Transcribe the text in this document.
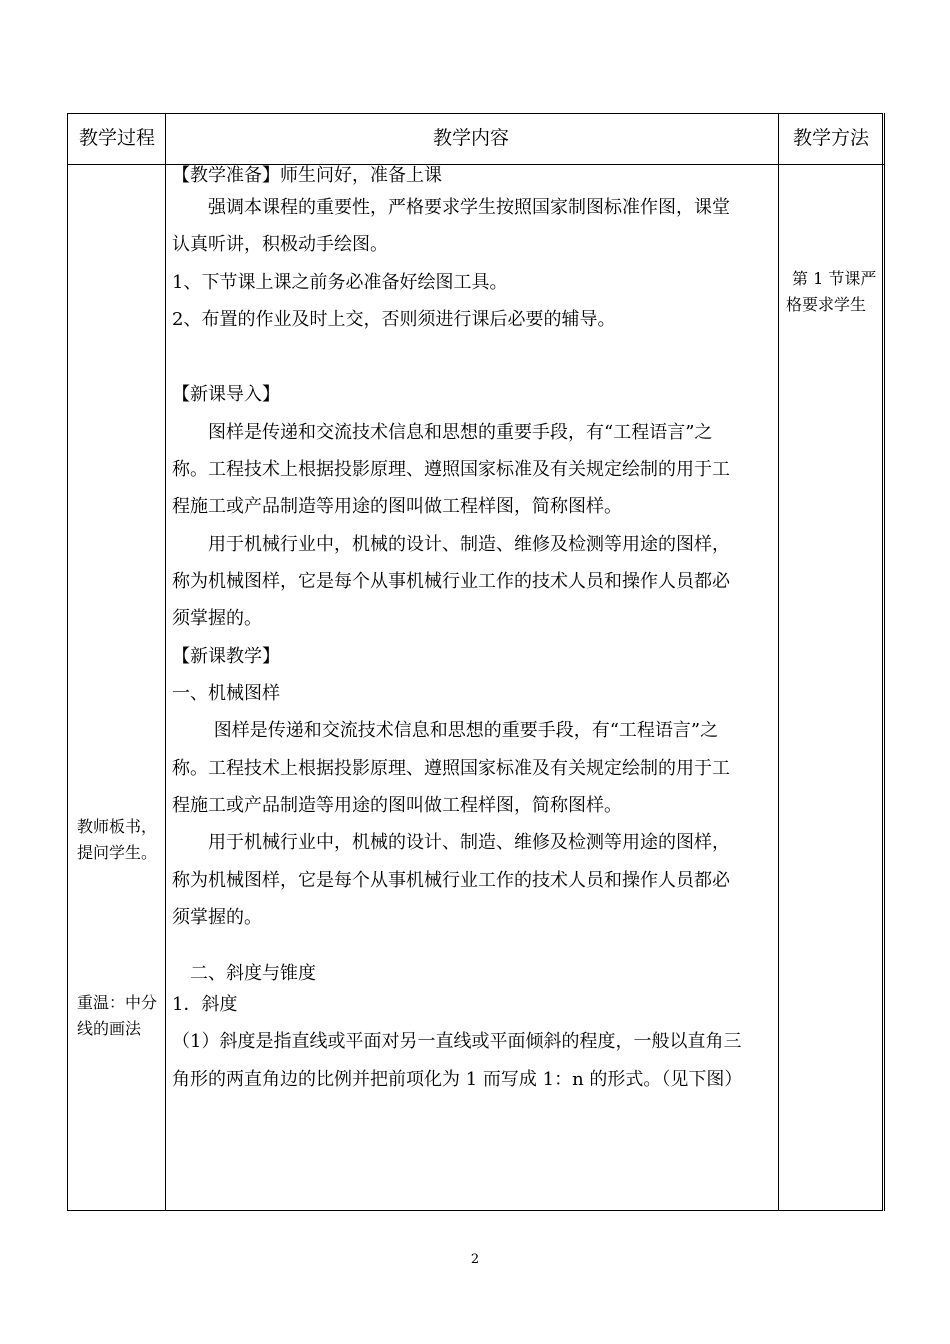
教学过程	教学内容	教学方法
第 1 节课严
格要求学生
教师板书，
提问学生。
重温：中分
线的画法
【教学准备】师生问好，准备上课
　　强调本课程的重要性，严格要求学生按照国家制图标准作图，课堂
认真听讲，积极动手绘图。
1、下节课上课之前务必准备好绘图工具。
2、布置的作业及时上交，否则须进行课后必要的辅导。
【新课导入】
　　图样是传递和交流技术信息和思想的重要手段，有“工程语言”之
称。工程技术上根据投影原理、遵照国家标准及有关规定绘制的用于工
程施工或产品制造等用途的图叫做工程样图，简称图样。
　　用于机械行业中，机械的设计、制造、维修及检测等用途的图样，
称为机械图样，它是每个从事机械行业工作的技术人员和操作人员都必
须掌握的。
【新课教学】
一、机械图样
　　 图样是传递和交流技术信息和思想的重要手段，有“工程语言”之
称。工程技术上根据投影原理、遵照国家标准及有关规定绘制的用于工
程施工或产品制造等用途的图叫做工程样图，简称图样。
　　用于机械行业中，机械的设计、制造、维修及检测等用途的图样，
称为机械图样，它是每个从事机械行业工作的技术人员和操作人员都必
须掌握的。
　二、斜度与锥度
1．斜度
（1）斜度是指直线或平面对另一直线或平面倾斜的程度，一般以直角三
角形的两直角边的比例并把前项化为 1 而写成 1：n 的形式。（见下图）
2
